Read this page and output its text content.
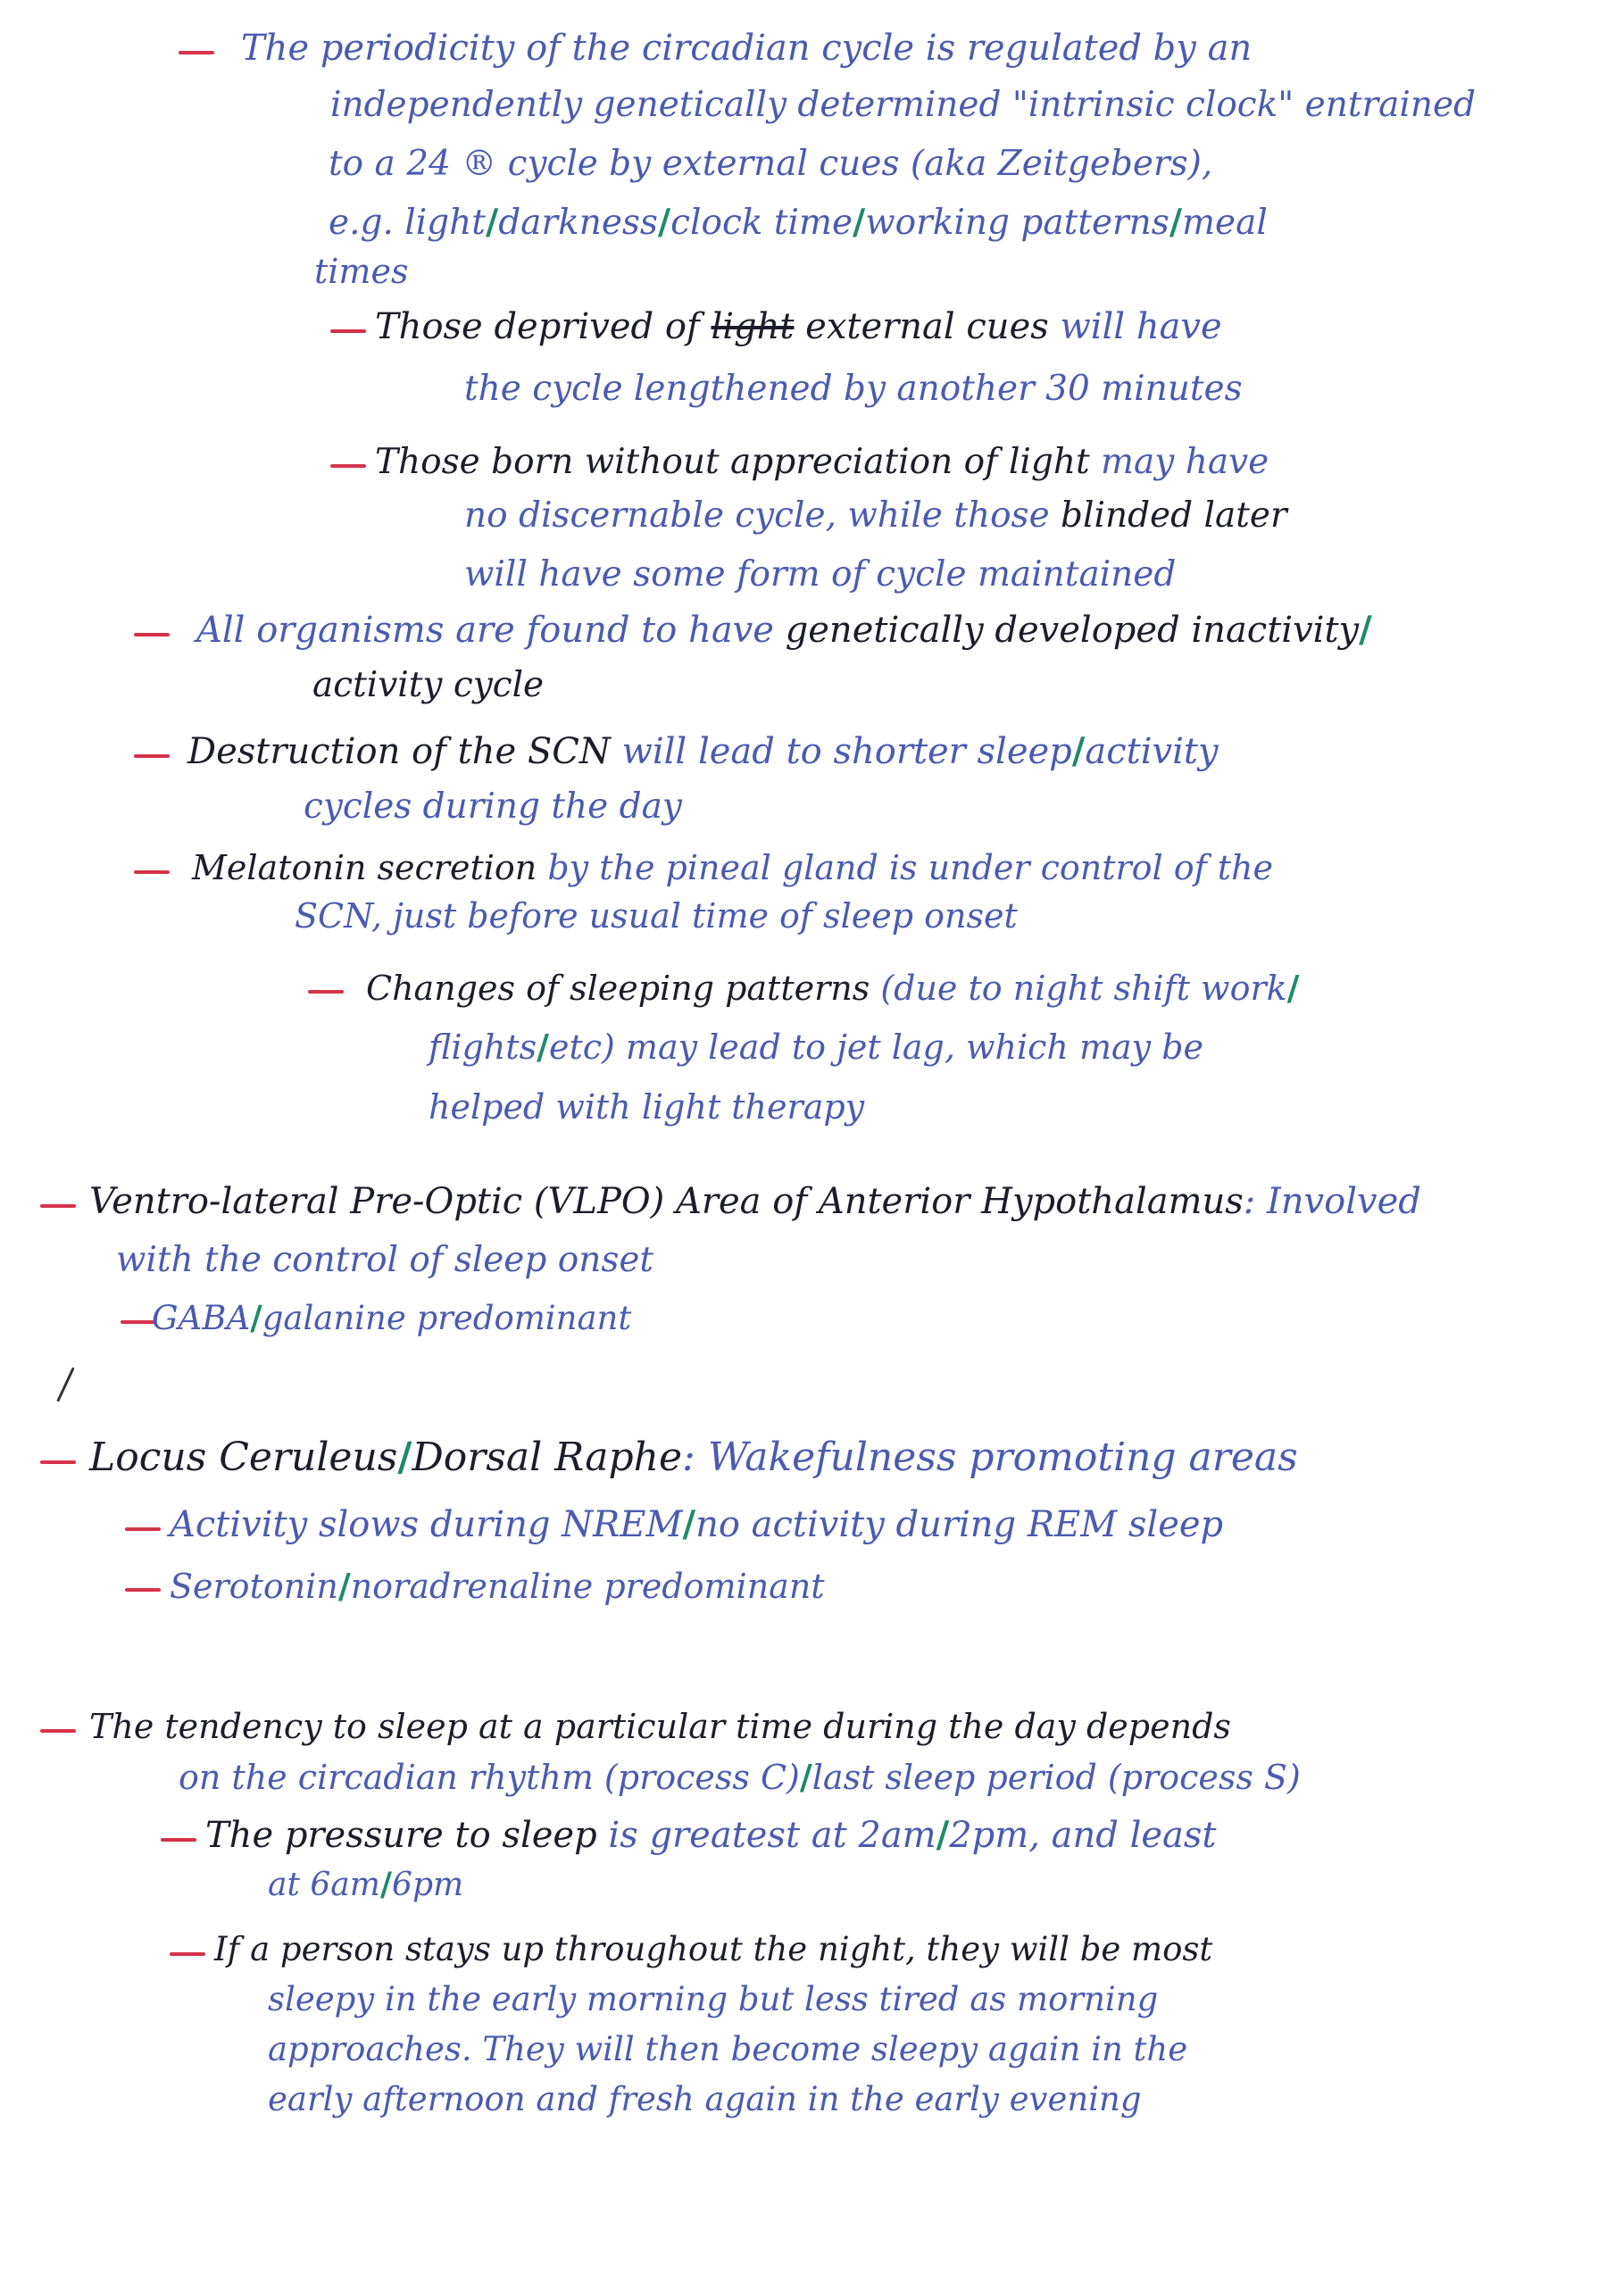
The periodicity of the circadian cycle is regulated by an
independently genetically determined "intrinsic clock" entrained
to a 24 ® cycle by external cues (aka Zeitgebers),
e.g. light/darkness/clock time/working patterns/meal
times
Those deprived of light external cues will have
the cycle lengthened by another 30 minutes
Those born without appreciation of light may have
no discernable cycle, while those blinded later
will have some form of cycle maintained
All organisms are found to have genetically developed inactivity/
activity cycle
Destruction of the SCN will lead to shorter sleep/activity
cycles during the day
Melatonin secretion by the pineal gland is under control of the
SCN, just before usual time of sleep onset
Changes of sleeping patterns (due to night shift work/
flights/etc) may lead to jet lag, which may be
helped with light therapy
Ventro-lateral Pre-Optic (VLPO) Area of Anterior Hypothalamus: Involved
with the control of sleep onset
GABA/galanine predominant
Locus Ceruleus/Dorsal Raphe: Wakefulness promoting areas
Activity slows during NREM/no activity during REM sleep
Serotonin/noradrenaline predominant
The tendency to sleep at a particular time during the day depends
on the circadian rhythm (process C)/last sleep period (process S)
The pressure to sleep is greatest at 2am/2pm, and least
at 6am/6pm
If a person stays up throughout the night, they will be most
sleepy in the early morning but less tired as morning
approaches. They will then become sleepy again in the
early afternoon and fresh again in the early evening
